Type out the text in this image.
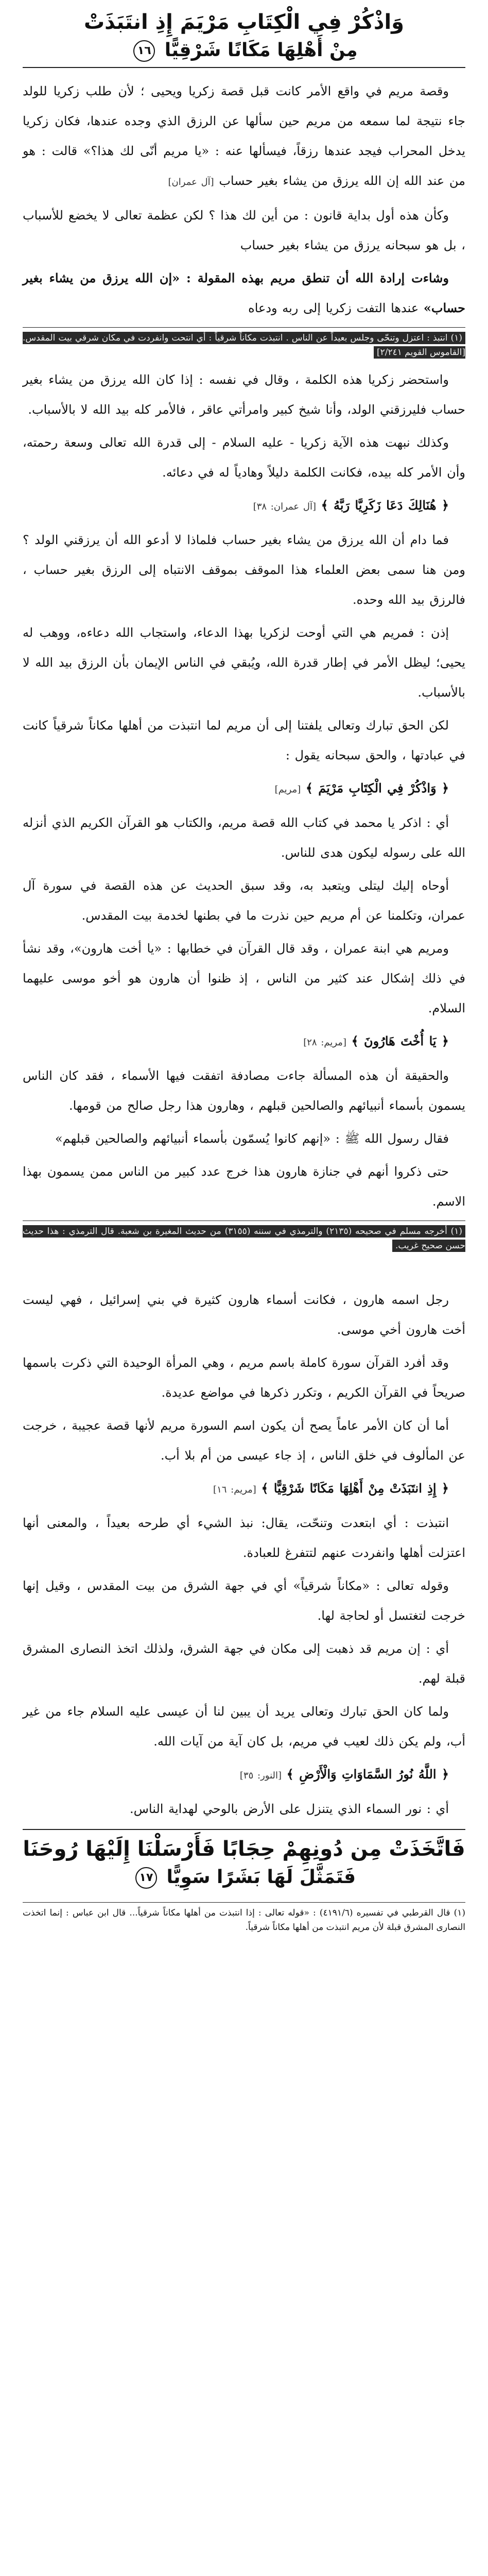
وَاذْكُرْ فِي الْكِتَابِ مَرْيَمَ إِذِ انتَبَذَتْ
مِنْ أَهْلِهَا مَكَانًا شَرْقِيًّا ١٦

وقصة مريم في واقع الأمر كانت قبل قصة زكريا ويحيى ؛ لأن طلب زكريا للولد جاء نتيجة لما سمعه من مريم حين سألها عن الرزق الذي وجده عندها، فكان زكريا يدخل المحراب فيجد عندها رزقاً، فيسألها عنه : «يا مريم أنّى لك هذا؟» قالت : هو من عند الله إن الله يرزق من يشاء بغير حساب [آل عمران]

وكأن هذه أول بداية قانون : من أين لك هذا ؟ لكن عظمة تعالى لا يخضع للأسباب ، بل هو سبحانه يرزق من يشاء بغير حساب

وشاءت إرادة الله أن تنطق مريم بهذه المقولة : «إن الله يرزق من يشاء بغير حساب» عندها التفت زكريا إلى ربه ودعاه

(١) انتبذ : اعتزل وتنحّى وجلس بعيداً عن الناس . انتبذت مكاناً شرقياً : أي انتحت وانفردت في مكان شرقي بيت المقدس. [القاموس القويم ٢/٢٤١]

واستحضر زكريا هذه الكلمة ، وقال في نفسه : إذا كان الله يرزق من يشاء بغير حساب فليرزقني الولد، وأنا شيخ كبير وامرأتي عاقر ، فالأمر كله بيد الله لا بالأسباب.

وكذلك نبهت هذه الآية زكريا - عليه السلام - إلى قدرة الله تعالى وسعة رحمته، وأن الأمر كله بيده، فكانت الكلمة دليلاً وهادياً له في دعائه.

﴿ هُنَالِكَ دَعَا زَكَرِيَّا رَبَّهُ ﴾ [آل عمران: ٣٨]

فما دام أن الله يرزق من يشاء بغير حساب فلماذا لا أدعو الله أن يرزقني الولد ؟ ومن هنا سمى بعض العلماء هذا الموقف بموقف الانتباه إلى الرزق بغير حساب ، فالرزق بيد الله وحده.

إذن : فمريم هي التي أوحت لزكريا بهذا الدعاء، واستجاب الله دعاءه، ووهب له يحيى؛ ليظل الأمر في إطار قدرة الله، ويُبقي في الناس الإيمان بأن الرزق بيد الله لا بالأسباب.

لكن الحق تبارك وتعالى يلفتنا إلى أن مريم لما انتبذت من أهلها مكاناً شرقياً كانت في عبادتها ، والحق سبحانه يقول :

﴿ وَاذْكُرْ فِي الْكِتَابِ مَرْيَمَ ﴾ [مريم]

أي : اذكر يا محمد في كتاب الله قصة مريم، والكتاب هو القرآن الكريم الذي أنزله الله على رسوله ليكون هدى للناس.

أوحاه إليك ليتلى ويتعبد به، وقد سبق الحديث عن هذه القصة في سورة آل عمران، وتكلمنا عن أم مريم حين نذرت ما في بطنها لخدمة بيت المقدس.

ومريم هي ابنة عمران ، وقد قال القرآن في خطابها : «يا أخت هارون»، وقد نشأ في ذلك إشكال عند كثير من الناس ، إذ ظنوا أن هارون هو أخو موسى عليهما السلام.

﴿ يَا أُخْتَ هَارُونَ ﴾ [مريم: ٢٨]

والحقيقة أن هذه المسألة جاءت مصادفة اتفقت فيها الأسماء ، فقد كان الناس يسمون بأسماء أنبيائهم والصالحين قبلهم ، وهارون هذا رجل صالح من قومها.

فقال رسول الله ﷺ : «إنهم كانوا يُسمّون بأسماء أنبيائهم والصالحين قبلهم»

حتى ذكروا أنهم في جنازة هارون هذا خرج عدد كبير من الناس ممن يسمون بهذا الاسم.

(١) أخرجه مسلم في صحيحه (٢١٣٥) والترمذي في سننه (٣١٥٥) من حديث المغيرة بن شعبة. قال الترمذي : هذا حديث حسن صحيح غريب.

رجل اسمه هارون ، فكانت أسماء هارون كثيرة في بني إسرائيل ، فهي ليست أخت هارون أخي موسى.

وقد أفرد القرآن سورة كاملة باسم مريم ، وهي المرأة الوحيدة التي ذكرت باسمها صريحاً في القرآن الكريم ، وتكرر ذكرها في مواضع عديدة.

أما أن كان الأمر عاماً يصح أن يكون اسم السورة مريم لأنها قصة عجيبة ، خرجت عن المألوف في خلق الناس ، إذ جاء عيسى من أم بلا أب.

﴿ إِذِ انتَبَذَتْ مِنْ أَهْلِهَا مَكَانًا شَرْقِيًّا ﴾ [مريم: ١٦]

انتبذت : أي ابتعدت وتنحّت، يقال: نبذ الشيء أي طرحه بعيداً ، والمعنى أنها اعتزلت أهلها وانفردت عنهم لتتفرغ للعبادة.

وقوله تعالى : «مكاناً شرقياً» أي في جهة الشرق من بيت المقدس ، وقيل إنها خرجت لتغتسل أو لحاجة لها.

أي : إن مريم قد ذهبت إلى مكان في جهة الشرق، ولذلك اتخذ النصارى المشرق قبلة لهم.

ولما كان الحق تبارك وتعالى يريد أن يبين لنا أن عيسى عليه السلام جاء من غير أب، ولم يكن ذلك لعيب في مريم، بل كان آية من آيات الله.

﴿ اللَّهُ نُورُ السَّمَاوَاتِ وَالْأَرْضِ ﴾ [النور: ٣٥]

أي : نور السماء الذي يتنزل على الأرض بالوحي لهداية الناس.

فَاتَّخَذَتْ مِن دُونِهِمْ حِجَابًا فَأَرْسَلْنَا إِلَيْهَا رُوحَنَا
فَتَمَثَّلَ لَهَا بَشَرًا سَوِيًّا ١٧

(١) قال القرطبي في تفسيره (٤١٩١/٦) : «قوله تعالى : إذا انتبذت من أهلها مكاناً شرقياً... قال ابن عباس : إنما اتخذت النصارى المشرق قبلة لأن مريم انتبذت من أهلها مكاناً شرقياً.
